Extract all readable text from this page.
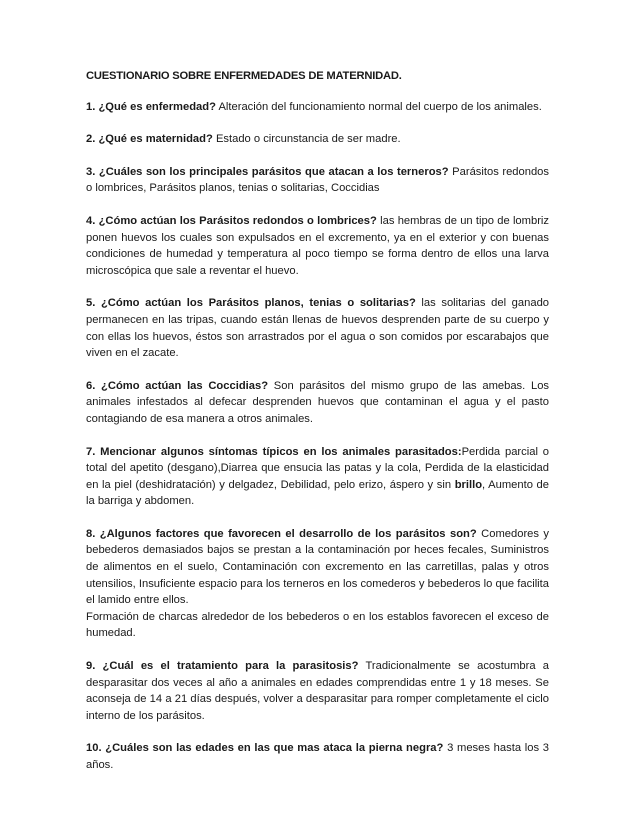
CUESTIONARIO SOBRE ENFERMEDADES DE MATERNIDAD.

1. ¿Qué es enfermedad? Alteración del funcionamiento normal del cuerpo de los animales.

2. ¿Qué es maternidad? Estado o circunstancia de ser madre.

3. ¿Cuáles son los principales parásitos que atacan a los terneros? Parásitos redondos o lombrices, Parásitos planos, tenias o solitarias, Coccidias

4. ¿Cómo actúan los Parásitos redondos o lombrices? las hembras de un tipo de lombriz ponen huevos los cuales son expulsados en el excremento, ya en el exterior y con buenas condiciones de humedad y temperatura al poco tiempo se forma dentro de ellos una larva microscópica que sale a reventar el huevo.

5. ¿Cómo actúan los Parásitos planos, tenias o solitarias? las solitarias del ganado permanecen en las tripas, cuando están llenas de huevos desprenden parte de su cuerpo y con ellas los huevos, éstos son arrastrados por el agua o son comidos por escarabajos que viven en el zacate.

6. ¿Cómo actúan las Coccidias? Son parásitos del mismo grupo de las amebas. Los animales infestados al defecar desprenden huevos que contaminan el agua y el pasto contagiando de esa manera a otros animales.

7. Mencionar algunos síntomas típicos en los animales parasitados:Perdida parcial o total del apetito (desgano),Diarrea que ensucia las patas y la cola, Perdida de la elasticidad en la piel (deshidratación) y delgadez, Debilidad, pelo erizo, áspero y sin brillo, Aumento de la barriga y abdomen.

8. ¿Algunos factores que favorecen el desarrollo de los parásitos son? Comedores y bebederos demasiados bajos se prestan a la contaminación por heces fecales, Suministros de alimentos en el suelo, Contaminación con excremento en las carretillas, palas y otros utensilios, Insuficiente espacio para los terneros en los comederos y bebederos lo que facilita el lamido entre ellos.
Formación de charcas alrededor de los bebederos o en los establos favorecen el exceso de humedad.

9. ¿Cuál es el tratamiento para la parasitosis? Tradicionalmente se acostumbra a desparasitar dos veces al año a animales en edades comprendidas entre 1 y 18 meses. Se aconseja de 14 a 21 días después, volver a desparasitar para romper completamente el ciclo interno de los parásitos.

10. ¿Cuáles son las edades en las que mas ataca la pierna negra? 3 meses hasta los 3 años.
